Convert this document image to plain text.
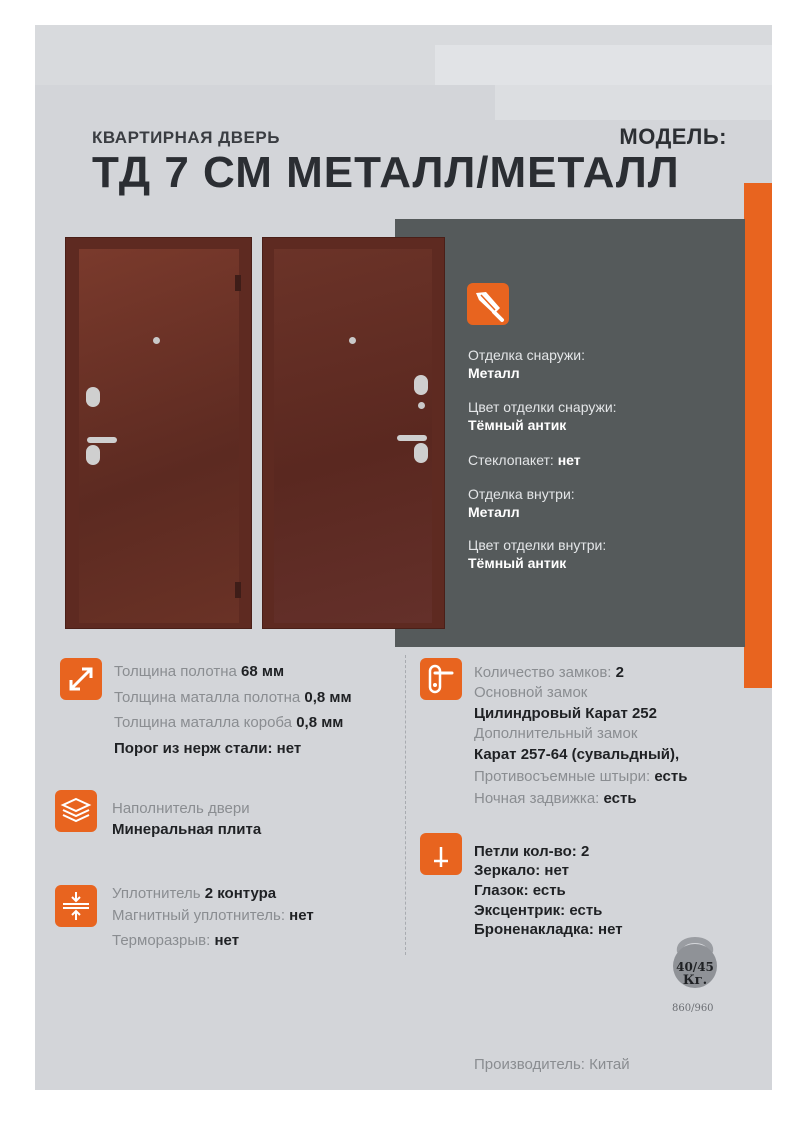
КВАРТИРНАЯ ДВЕРЬ	МОДЕЛЬ:
ТД 7 СМ МЕТАЛЛ/МЕТАЛЛ
Отделка снаружи:
Металл
Цвет отделки снаружи:
Тёмный антик
Стеклопакет: нет
Отделка внутри:
Металл
Цвет отделки внутри:
Тёмный антик
Толщина полотна 68 мм
Толщина маталла полотна 0,8 мм
Толщина маталла короба 0,8 мм
Порог из нерж стали: нет
Наполнитель двери
Минеральная плита
Уплотнитель 2 контура
Магнитный уплотнитель: нет
Терморазрыв: нет
Количество замков: 2
Основной замок
Цилиндровый Карат 252
Дополнительный замок
Карат 257-64 (сувальдный),
Противосъемные штыри: есть
Ночная задвижка: есть
Петли кол-во: 2
Зеркало: нет
Глазок: есть
Эксцентрик: есть
Броненакладка: нет
40/45
Кг.
860/960
Производитель: Китай
